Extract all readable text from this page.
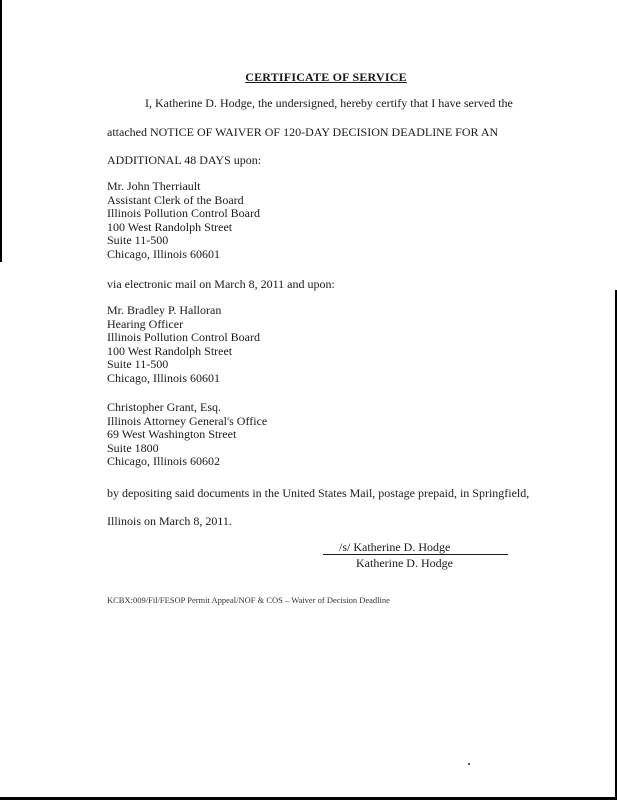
CERTIFICATE OF SERVICE
I, Katherine D. Hodge, the undersigned, hereby certify that I have served the
attached NOTICE OF WAIVER OF 120-DAY DECISION DEADLINE FOR AN
ADDITIONAL 48 DAYS upon:
Mr. John Therriault
Assistant Clerk of the Board
Illinois Pollution Control Board
100 West Randolph Street
Suite 11-500
Chicago, Illinois 60601
via electronic mail on March 8, 2011 and upon:
Mr. Bradley P. Halloran
Hearing Officer
Illinois Pollution Control Board
100 West Randolph Street
Suite 11-500
Chicago, Illinois 60601
Christopher Grant, Esq.
Illinois Attorney General's Office
69 West Washington Street
Suite 1800
Chicago, Illinois 60602
by depositing said documents in the United States Mail, postage prepaid, in Springfield,
Illinois on March 8, 2011.
/s/ Katherine D. Hodge
Katherine D. Hodge
KCBX:009/Fil/FESOP Permit Appeal/NOF & COS – Waiver of Decision Deadline
